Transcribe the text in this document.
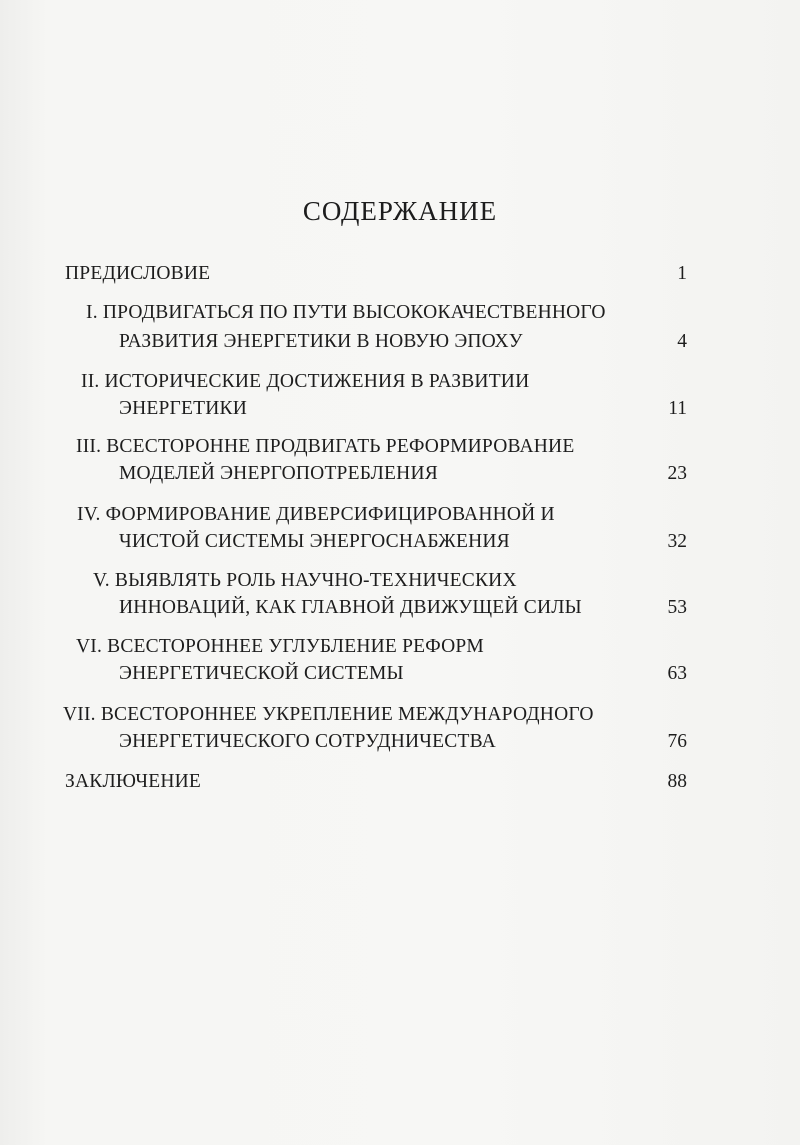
СОДЕРЖАНИЕ
ПРЕДИСЛОВИЕ	1
I. ПРОДВИГАТЬСЯ ПО ПУТИ ВЫСОКОКАЧЕСТВЕННОГО
РАЗВИТИЯ ЭНЕРГЕТИКИ В НОВУЮ ЭПОХУ	4
II. ИСТОРИЧЕСКИЕ ДОСТИЖЕНИЯ В РАЗВИТИИ
ЭНЕРГЕТИКИ	11
III. ВСЕСТОРОННЕ ПРОДВИГАТЬ РЕФОРМИРОВАНИЕ
МОДЕЛЕЙ ЭНЕРГОПОТРЕБЛЕНИЯ	23
IV. ФОРМИРОВАНИЕ ДИВЕРСИФИЦИРОВАННОЙ И
ЧИСТОЙ СИСТЕМЫ ЭНЕРГОСНАБЖЕНИЯ	32
V. ВЫЯВЛЯТЬ РОЛЬ НАУЧНО-ТЕХНИЧЕСКИХ
ИННОВАЦИЙ, КАК ГЛАВНОЙ ДВИЖУЩЕЙ СИЛЫ	53
VI. ВСЕСТОРОННЕЕ УГЛУБЛЕНИЕ РЕФОРМ
ЭНЕРГЕТИЧЕСКОЙ СИСТЕМЫ	63
VII. ВСЕСТОРОННЕЕ УКРЕПЛЕНИЕ МЕЖДУНАРОДНОГО
ЭНЕРГЕТИЧЕСКОГО СОТРУДНИЧЕСТВА	76
ЗАКЛЮЧЕНИЕ	88
